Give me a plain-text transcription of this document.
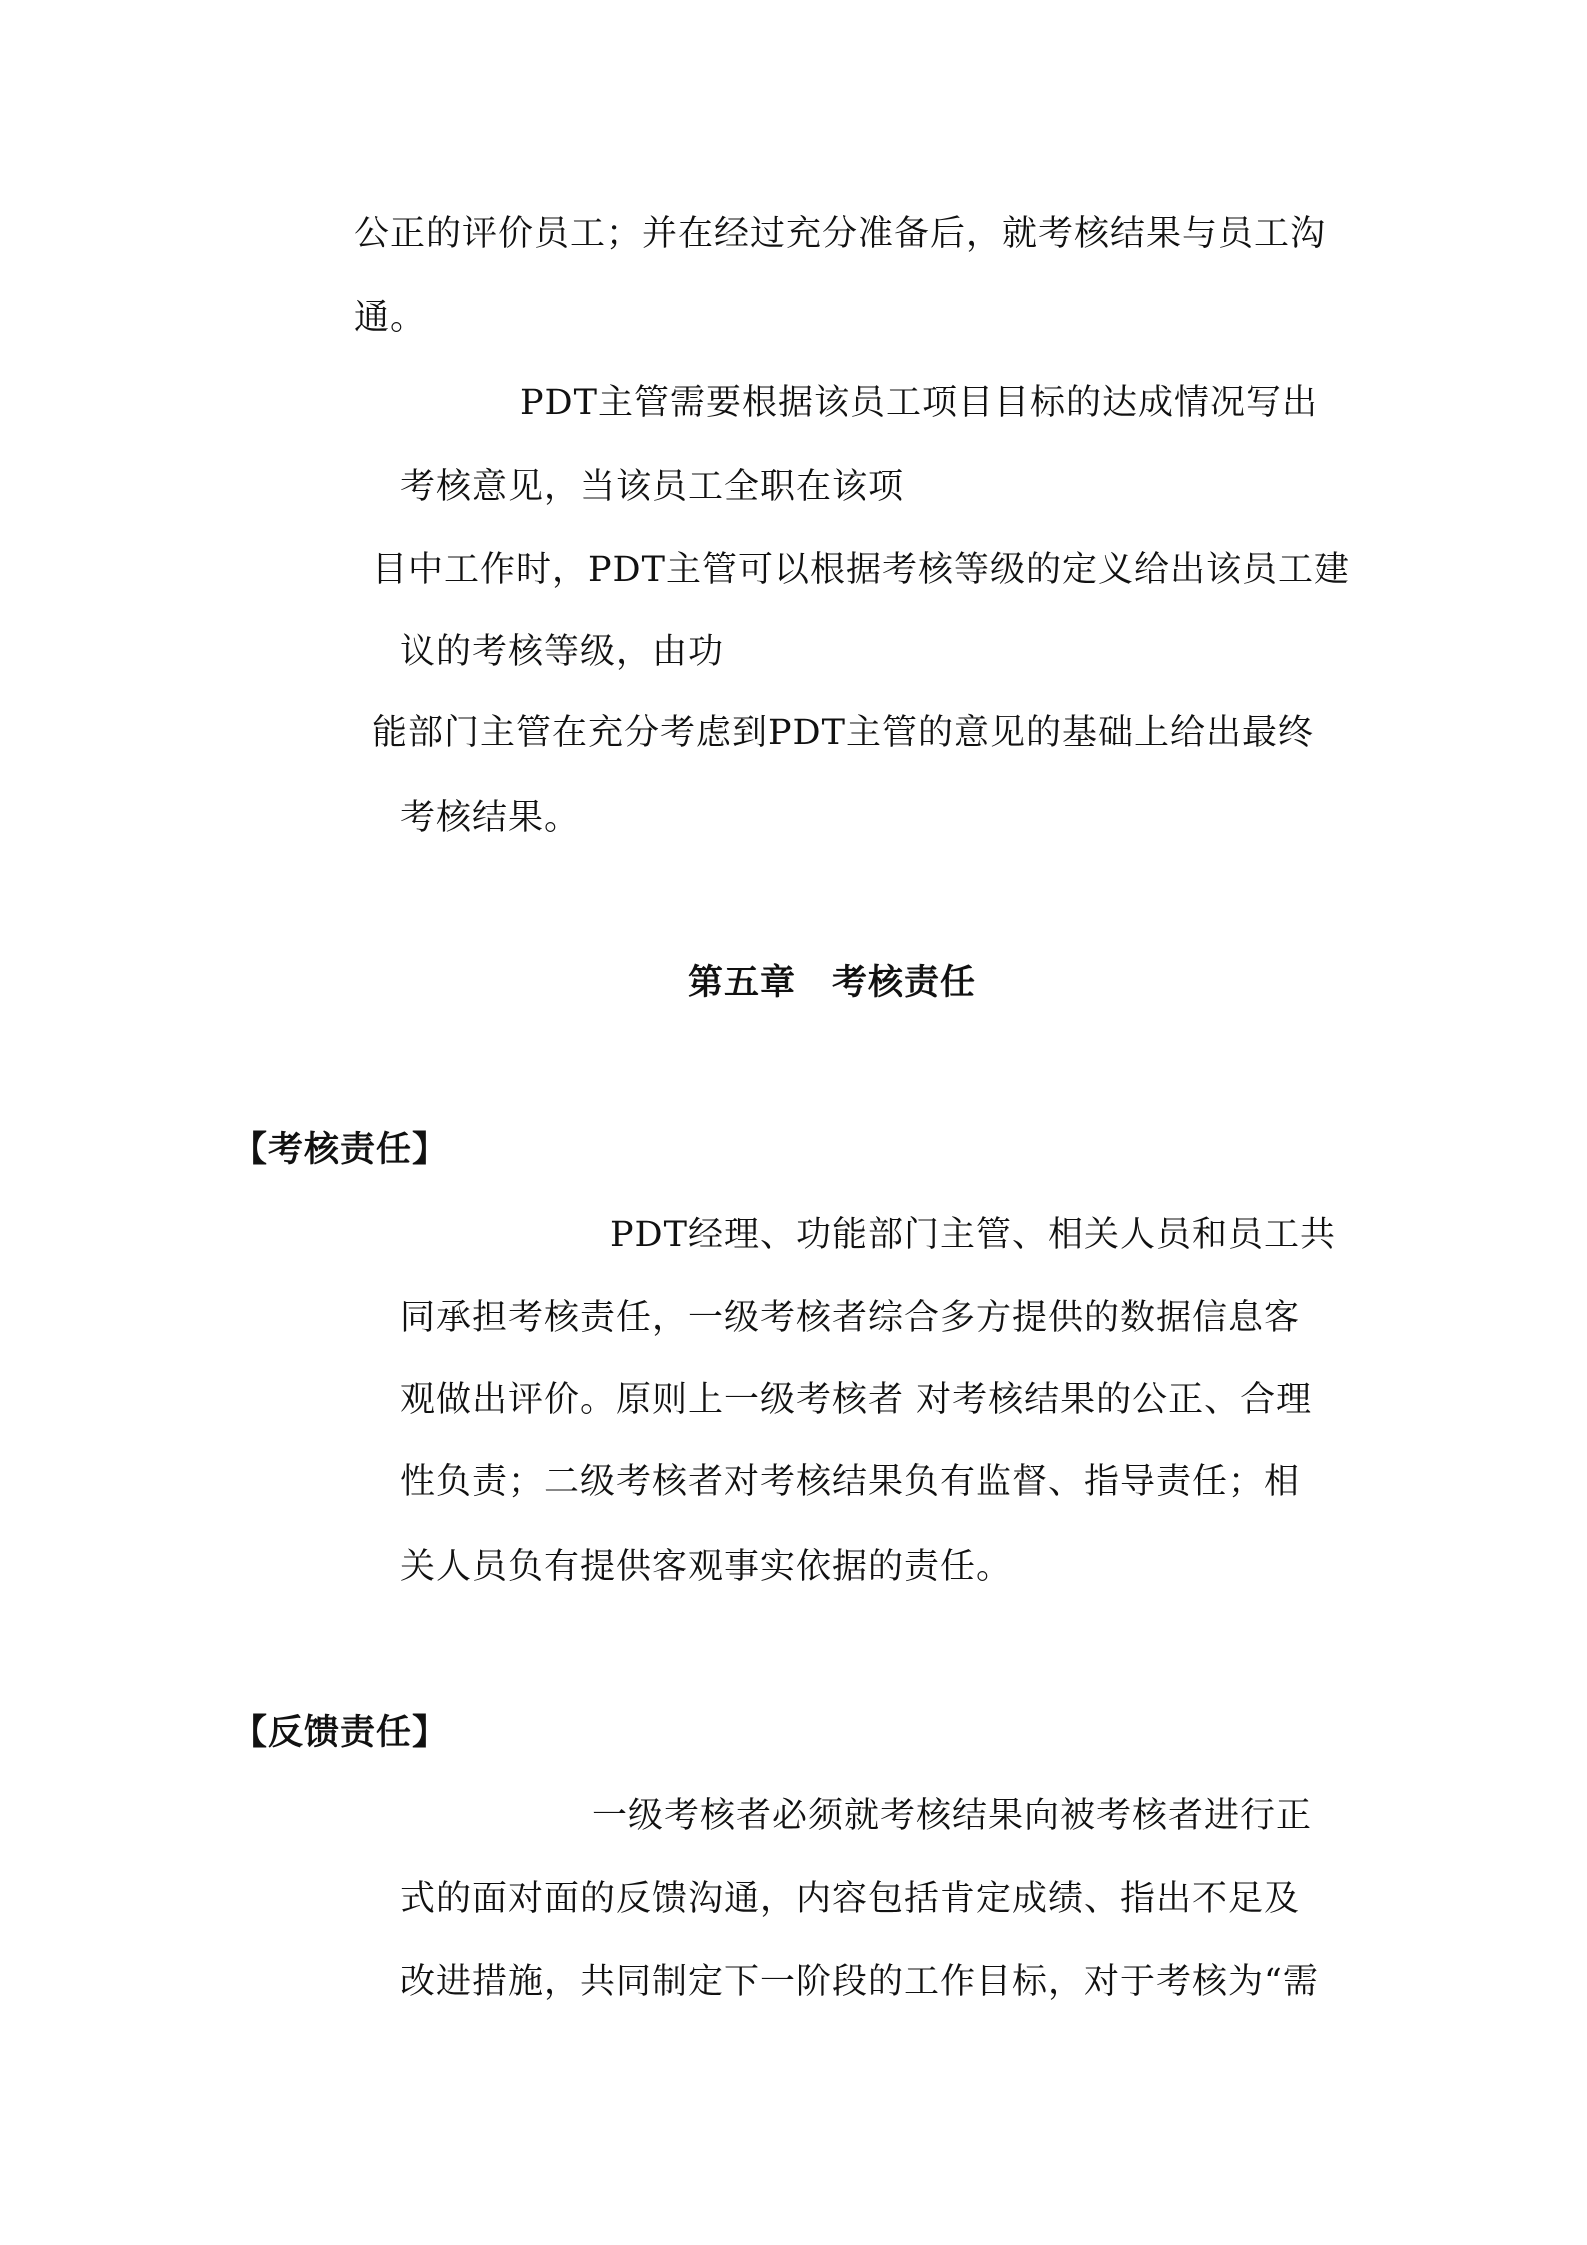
公正的评价员工；并在经过充分准备后，就考核结果与员工沟
通。
PDT主管需要根据该员工项目目标的达成情况写出
考核意见，当该员工全职在该项
目中工作时，PDT主管可以根据考核等级的定义给出该员工建
议的考核等级，由功
能部门主管在充分考虑到PDT主管的意见的基础上给出最终
考核结果。
第五章　考核责任
【考核责任】
PDT经理、功能部门主管、相关人员和员工共
同承担考核责任，一级考核者综合多方提供的数据信息客
观做出评价。原则上一级考核者 对考核结果的公正、合理
性负责；二级考核者对考核结果负有监督、指导责任；相
关人员负有提供客观事实依据的责任。
【反馈责任】
一级考核者必须就考核结果向被考核者进行正
式的面对面的反馈沟通，内容包括肯定成绩、指出不足及
改进措施，共同制定下一阶段的工作目标，对于考核为“需
